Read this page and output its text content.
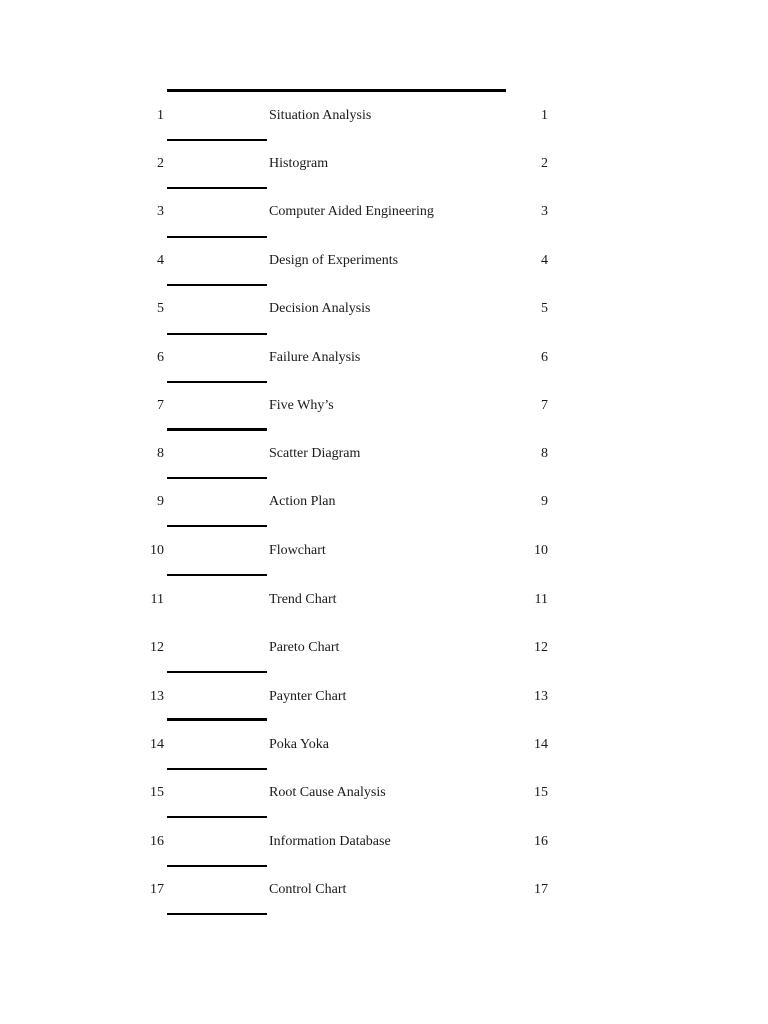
1	Situation Analysis	1
2	Histogram	2
3	Computer Aided Engineering	3
4	Design of Experiments	4
5	Decision Analysis	5
6	Failure Analysis	6
7	Five Why’s	7
8	Scatter Diagram	8
9	Action Plan	9
10	Flowchart	10
11	Trend Chart	11
12	Pareto Chart	12
13	Paynter Chart	13
14	Poka Yoka	14
15	Root Cause Analysis	15
16	Information Database	16
17	Control Chart	17
